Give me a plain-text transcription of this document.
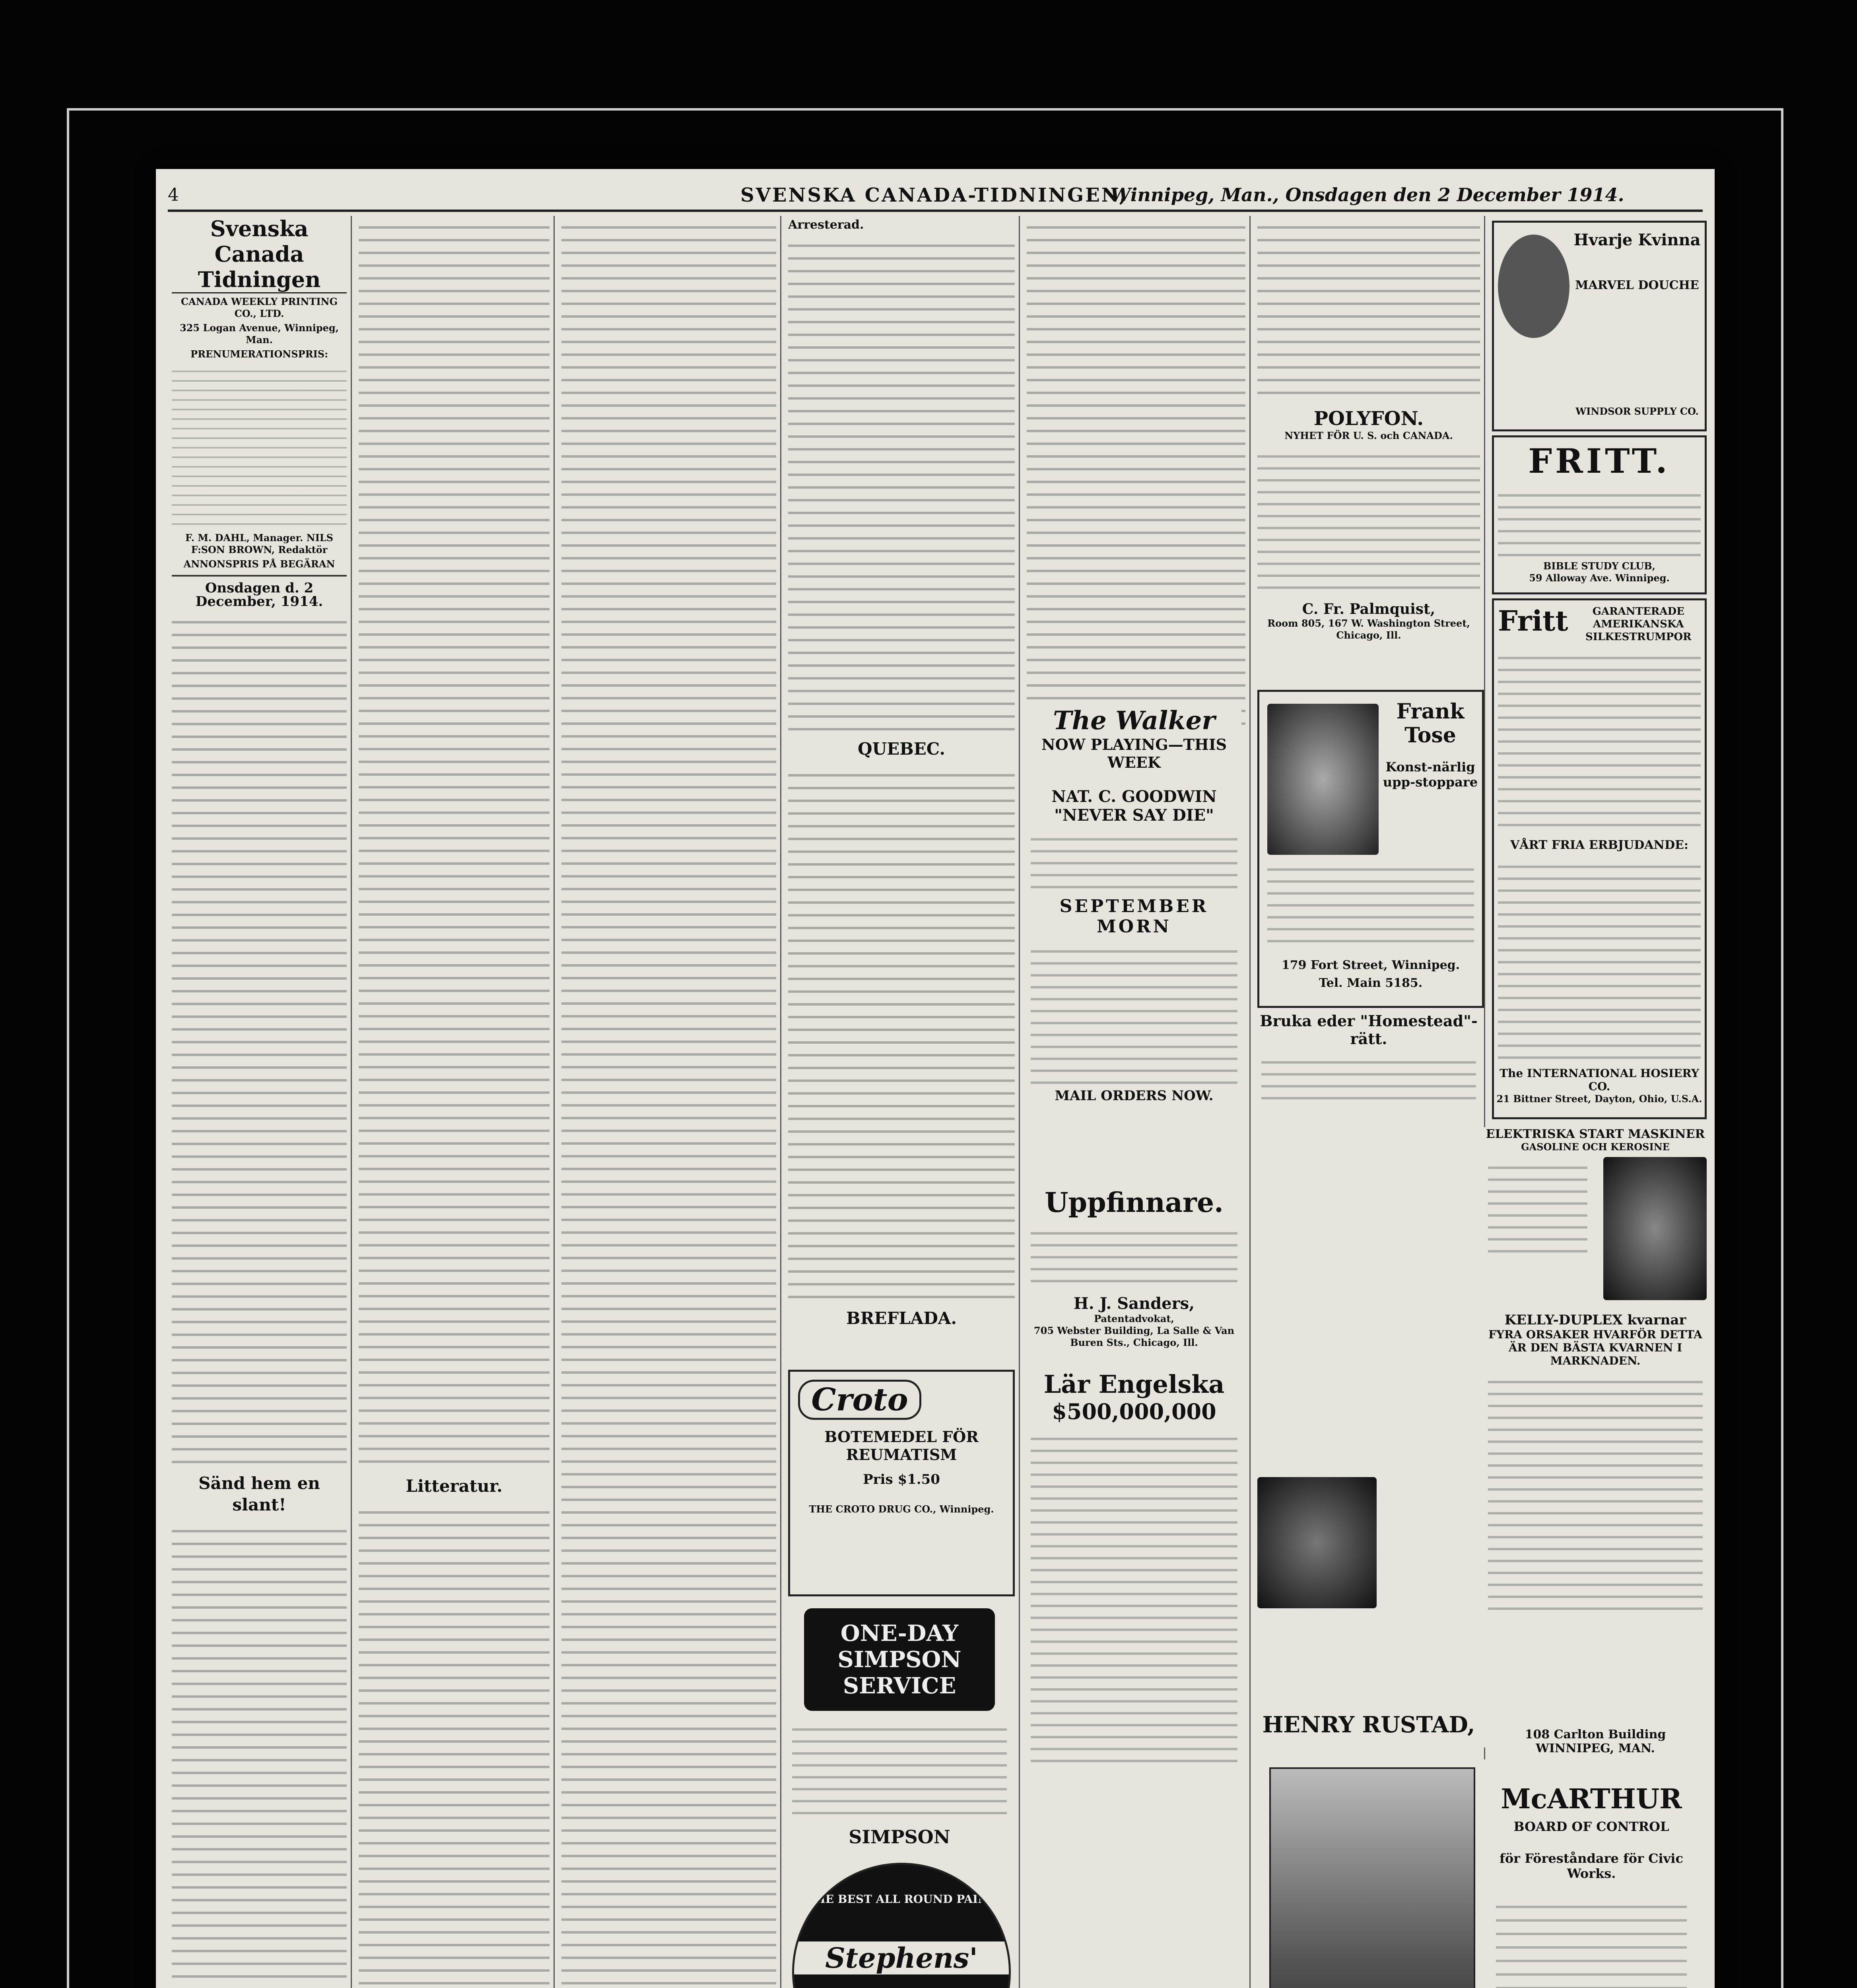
4	SVENSKA CANADA-TIDNINGEN,
Winnipeg, Man., Onsdagen den 2 December 1914.
Svenska Canada Tidningen
CANADA WEEKLY PRINTING CO., LTD.
325 Logan Avenue, Winnipeg, Man.
PRENUMERATIONSPRIS:
F. M. DAHL, Manager. NILS F:SON BROWN, Redaktör
ANNONSPRIS PÅ BEGÄRAN
Onsdagen d. 2 December, 1914.
Sänd hem en slant!
Litteratur.
Arresterad.
QUEBEC.
BREFLADA.
Hvarje Kvinna
MARVEL DOUCHE
WINDSOR SUPPLY CO.
FRITT.
BIBLE STUDY CLUB,
59 Alloway Ave. Winnipeg.
POLYFON.
NYHET FÖR U. S. och CANADA.
C. Fr. Palmquist,
Room 805, 167 W. Washington Street, Chicago, Ill.	Fritt	GARANTERADE AMERIKANSKA SILKESTRUMPOR
VÅRT FRIA ERBJUDANDE:
The INTERNATIONAL HOSIERY CO.
21 Bittner Street, Dayton, Ohio, U.S.A.
Frank Tose
Konst-närlig upp-stoppare
179 Fort Street, Winnipeg.
Tel. Main 5185.
Bruka eder "Homestead"-rätt.
The Walker
NOW PLAYING—THIS WEEK
NAT. C. GOODWIN
"NEVER SAY DIE"
SEPTEMBER MORN
MAIL ORDERS NOW.
ELEKTRISKA START MASKINER
GASOLINE OCH KEROSINE
KELLY-DUPLEX kvarnar
FYRA ORSAKER HVARFÖR DETTA ÄR DEN BÄSTA KVARNEN I MARKNADEN.
HENRY RUSTAD,	108 Carlton Building WINNIPEG, MAN.
Uppfinnare.
H. J. Sanders,
Patentadvokat,
705 Webster Building, La Salle & Van Buren Sts., Chicago, Ill.
Lär Engelska
$500,000,000
Croto
BOTEMEDEL FÖR REUMATISM
Pris $1.50
THE CROTO DRUG CO., Winnipeg.
ONE-DAY SIMPSON SERVICE
SIMPSON
THE BEST ALL ROUND PAINT
Stephens'
McARTHUR
BOARD OF CONTROL
för Föreståndare för Civic Works.
